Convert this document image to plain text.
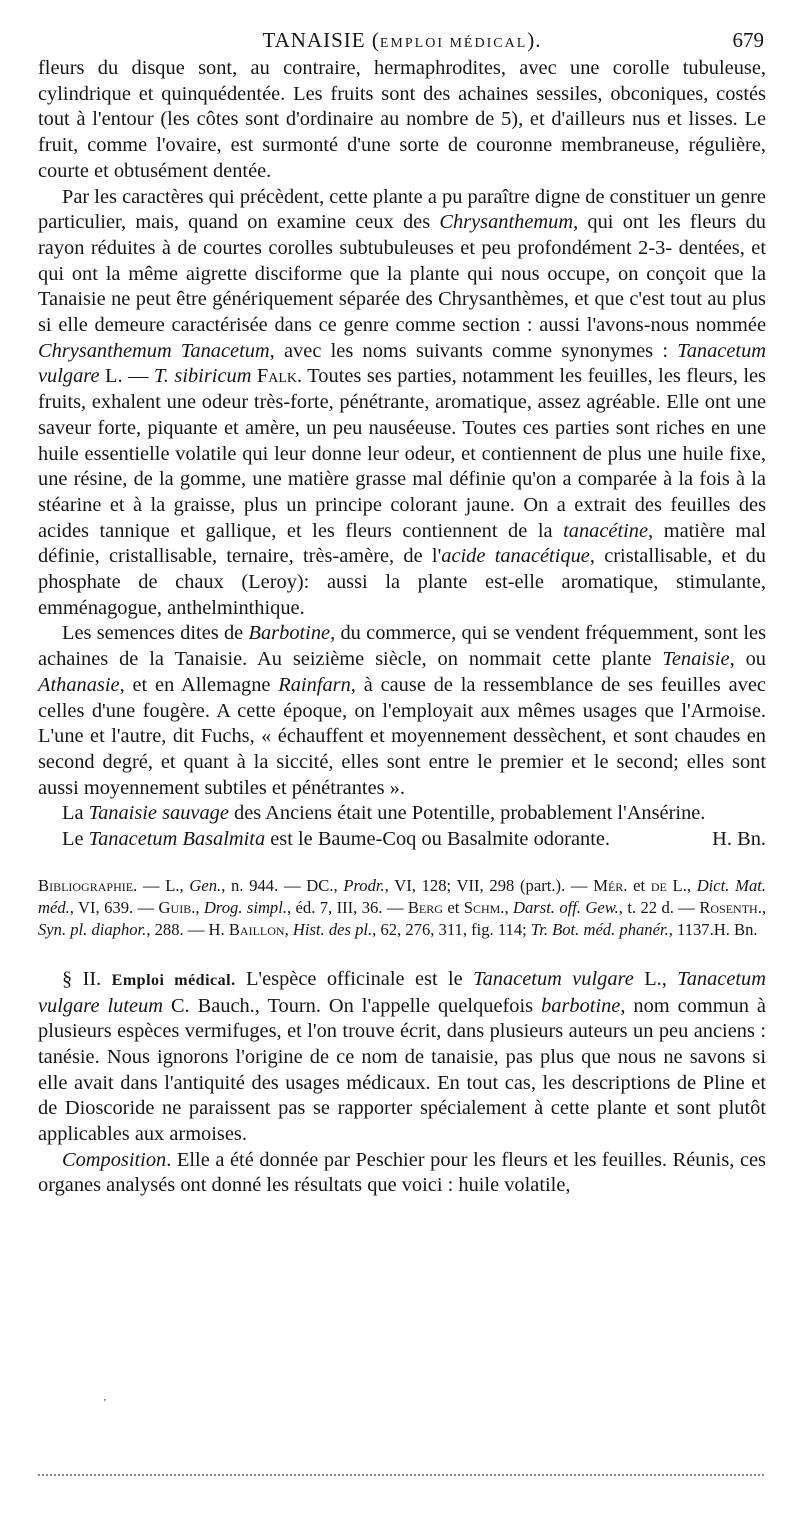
TANAISIE (EMPLOI MÉDICAL).	679

fleurs du disque sont, au contraire, hermaphrodites, avec une corolle tubuleuse, cylindrique et quinquédentée. Les fruits sont des achaines sessiles, obconiques, costés tout à l'entour (les côtes sont d'ordinaire au nombre de 5), et d'ailleurs nus et lisses. Le fruit, comme l'ovaire, est surmonté d'une sorte de couronne membraneuse, régulière, courte et obtusément dentée.

Par les caractères qui précèdent, cette plante a pu paraître digne de constituer un genre particulier, mais, quand on examine ceux des Chrysanthemum, qui ont les fleurs du rayon réduites à de courtes corolles subtubuleuses et peu profondément 2-3- dentées, et qui ont la même aigrette disciforme que la plante qui nous occupe, on conçoit que la Tanaisie ne peut être génériquement séparée des Chrysanthèmes, et que c'est tout au plus si elle demeure caractérisée dans ce genre comme section : aussi l'avons-nous nommée Chrysanthemum Tanacetum, avec les noms suivants comme synonymes : Tanacetum vulgare L. — T. sibiricum Falk. Toutes ses parties, notamment les feuilles, les fleurs, les fruits, exhalent une odeur très-forte, pénétrante, aromatique, assez agréable. Elle ont une saveur forte, piquante et amère, un peu nauséeuse. Toutes ces parties sont riches en une huile essentielle volatile qui leur donne leur odeur, et contiennent de plus une huile fixe, une résine, de la gomme, une matière grasse mal définie qu'on a comparée à la fois à la stéarine et à la graisse, plus un principe colorant jaune. On a extrait des feuilles des acides tannique et gallique, et les fleurs contiennent de la tanacétine, matière mal définie, cristallisable, ternaire, très-amère, de l'acide tanacétique, cristallisable, et du phosphate de chaux (Leroy): aussi la plante est-elle aromatique, stimulante, emménagogue, anthelminthique.

Les semences dites de Barbotine, du commerce, qui se vendent fréquemment, sont les achaines de la Tanaisie. Au seizième siècle, on nommait cette plante Tenaisie, ou Athanasie, et en Allemagne Rainfarn, à cause de la ressemblance de ses feuilles avec celles d'une fougère. A cette époque, on l'employait aux mêmes usages que l'Armoise. L'une et l'autre, dit Fuchs, « échauffent et moyennement dessèchent, et sont chaudes en second degré, et quant à la siccité, elles sont entre le premier et le second; elles sont aussi moyennement subtiles et pénétrantes ».

La Tanaisie sauvage des Anciens était une Potentille, probablement l'Ansérine.

Le Tanacetum Basalmita est le Baume-Coq ou Basalmite odorante.	H. Bn.

Bibliographie. — L., Gen., n. 944. — DC., Prodr., VI, 128; VII, 298 (part.). — Mér. et de L., Dict. Mat. méd., VI, 639. — Guib., Drog. simpl., éd. 7, III, 36. — Berg et Schm., Darst. off. Gew., t. 22 d. — Rosenth., Syn. pl. diaphor., 288. — H. Baillon, Hist. des pl., 62, 276, 311, fig. 114; Tr. Bot. méd. phanér., 1137.H. Bn.

§ II. Emploi médical. L'espèce officinale est le Tanacetum vulgare L., Tanacetum vulgare luteum C. Bauch., Tourn. On l'appelle quelquefois barbotine, nom commun à plusieurs espèces vermifuges, et l'on trouve écrit, dans plusieurs auteurs un peu anciens : tanésie. Nous ignorons l'origine de ce nom de tanaisie, pas plus que nous ne savons si elle avait dans l'antiquité des usages médicaux. En tout cas, les descriptions de Pline et de Dioscoride ne paraissent pas se rapporter spécialement à cette plante et sont plutôt applicables aux armoises.

Composition. Elle a été donnée par Peschier pour les fleurs et les feuilles. Réunis, ces organes analysés ont donné les résultats que voici : huile volatile,

'
